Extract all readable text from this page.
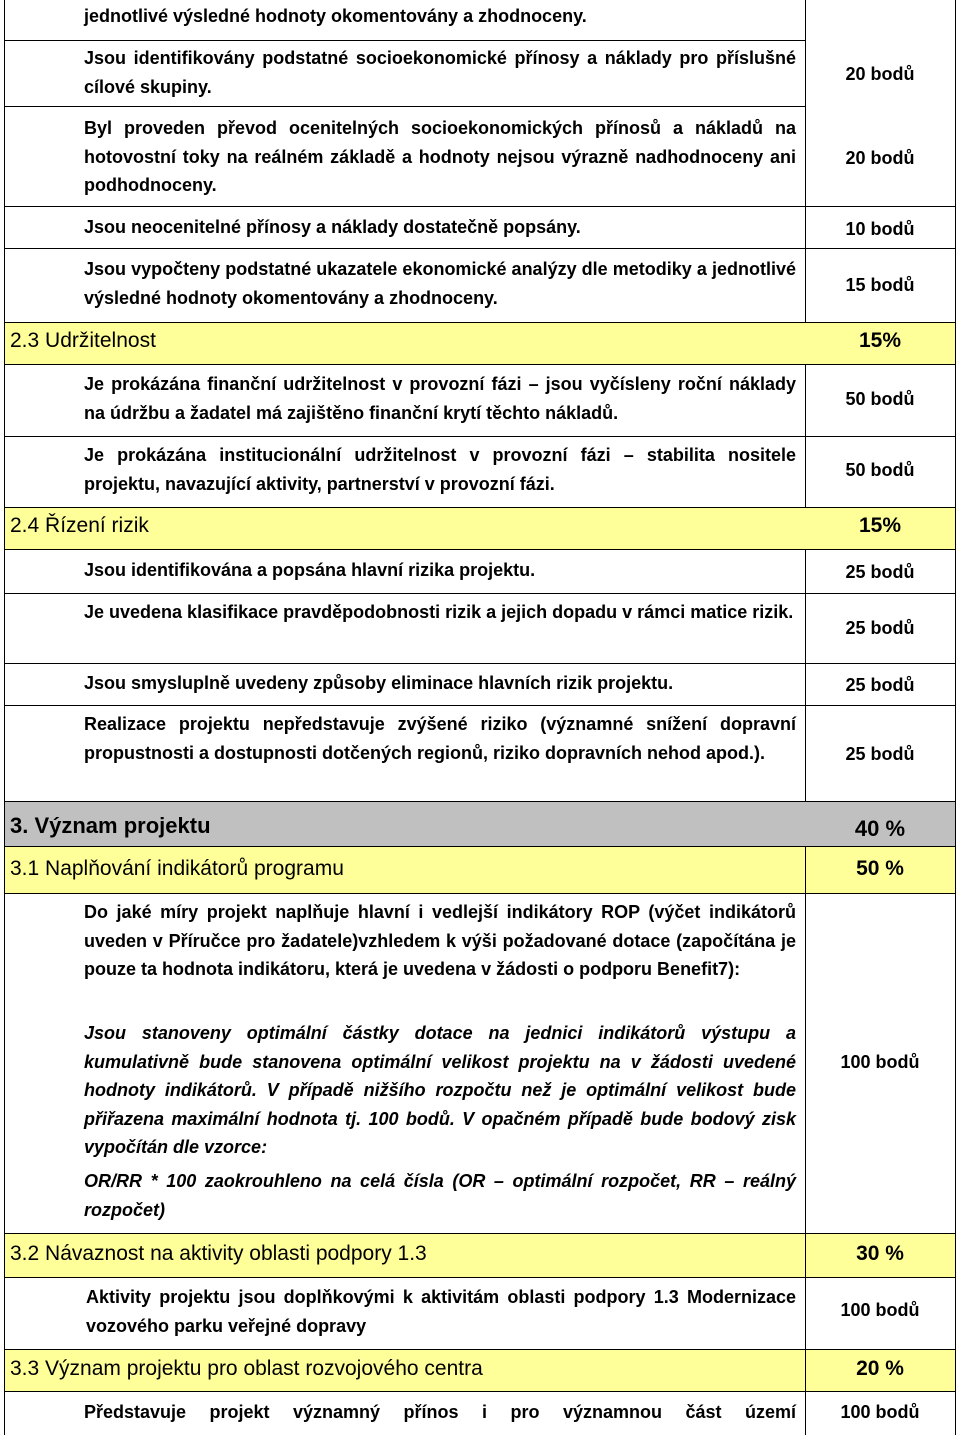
jednotlivé výsledné hodnoty okomentovány a zhodnoceny.
Jsou identifikovány podstatné socioekonomické přínosy a náklady pro příslušné cílové skupiny.
20 bodů
Byl proveden převod ocenitelných socioekonomických přínosů a nákladů na hotovostní toky na reálném základě a hodnoty nejsou výrazně nadhodnoceny ani podhodnoceny.
20 bodů
Jsou neocenitelné přínosy a náklady dostatečně popsány.	10 bodů
Jsou vypočteny podstatné ukazatele ekonomické analýzy dle metodiky a jednotlivé výsledné hodnoty okomentovány a zhodnoceny.
15 bodů
2.3 Udržitelnost	15%
Je prokázána finanční udržitelnost v provozní fázi – jsou vyčísleny roční náklady na údržbu a žadatel má zajištěno finanční krytí těchto nákladů.
50 bodů
Je prokázána institucionální udržitelnost v provozní fázi – stabilita nositele projektu, navazující aktivity, partnerství v provozní fázi.
50 bodů
2.4 Řízení rizik	15%
Jsou identifikována a popsána hlavní rizika projektu.	25 bodů
Je uvedena klasifikace pravděpodobnosti rizik a jejich dopadu v rámci matice rizik.
25 bodů
Jsou smysluplně uvedeny způsoby eliminace hlavních rizik projektu.	25 bodů
Realizace projektu nepředstavuje zvýšené riziko (významné snížení dopravní propustnosti a dostupnosti dotčených regionů, riziko dopravních nehod apod.).	25 bodů
3. Význam projektu	40 %
3.1 Naplňování indikátorů programu	50 %
Do jaké míry projekt naplňuje hlavní i vedlejší indikátory ROP (výčet indikátorů uveden v Příručce pro žadatele)vzhledem k výši požadované dotace (započítána je pouze ta hodnota indikátoru, která je uvedena v žádosti o podporu Benefit7):
Jsou stanoveny optimální částky dotace na jednici indikátorů výstupu a kumulativně bude stanovena optimální velikost projektu na v žádosti uvedené hodnoty indikátorů. V případě nižšího rozpočtu než je optimální velikost bude přiřazena maximální hodnota tj. 100 bodů. V opačném případě bude bodový zisk vypočítán dle vzorce:
OR/RR * 100 zaokrouhleno na celá čísla (OR – optimální rozpočet, RR – reálný rozpočet)
100 bodů
3.2 Návaznost na aktivity oblasti podpory 1.3	30 %
Aktivity projektu jsou doplňkovými k aktivitám oblasti podpory 1.3 Modernizace vozového parku veřejné dopravy
100 bodů
3.3 Význam projektu pro oblast rozvojového centra	20 %
Představuje projekt významný přínos i pro významnou část území	100 bodů
